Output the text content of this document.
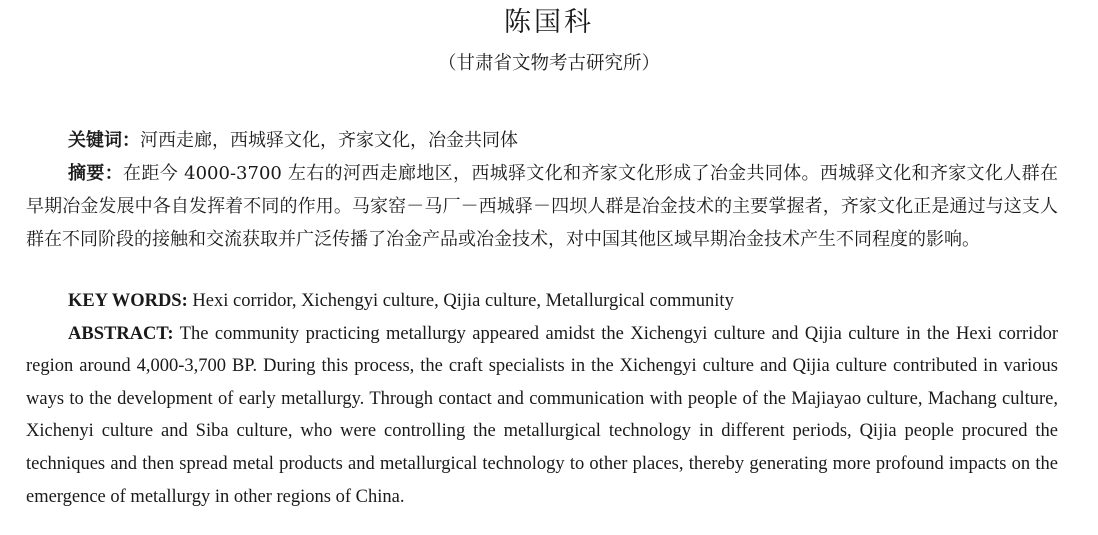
陈国科
（甘肃省文物考古研究所）

关键词：河西走廊，西城驿文化，齐家文化，冶金共同体

摘要：在距今 4000-3700 左右的河西走廊地区，西城驿文化和齐家文化形成了冶金共同体。西城驿文化和齐家文化人群在早期冶金发展中各自发挥着不同的作用。马家窑－马厂－西城驿－四坝人群是冶金技术的主要掌握者，齐家文化正是通过与这支人群在不同阶段的接触和交流获取并广泛传播了冶金产品或冶金技术，对中国其他区域早期冶金技术产生不同程度的影响。

KEY WORDS: Hexi corridor, Xichengyi culture, Qijia culture, Metallurgical community

ABSTRACT: The community practicing metallurgy appeared amidst the Xichengyi culture and Qijia culture in the Hexi corridor region around 4,000-3,700 BP. During this process, the craft specialists in the Xichengyi culture and Qijia culture contributed in various ways to the development of early metallurgy. Through contact and communication with people of the Majiayao culture, Machang culture, Xichenyi culture and Siba culture, who were controlling the metallurgical technology in different periods, Qijia people procured the techniques and then spread metal products and metallurgical technology to other places, thereby generating more profound impacts on the emergence of metallurgy in other regions of China.
